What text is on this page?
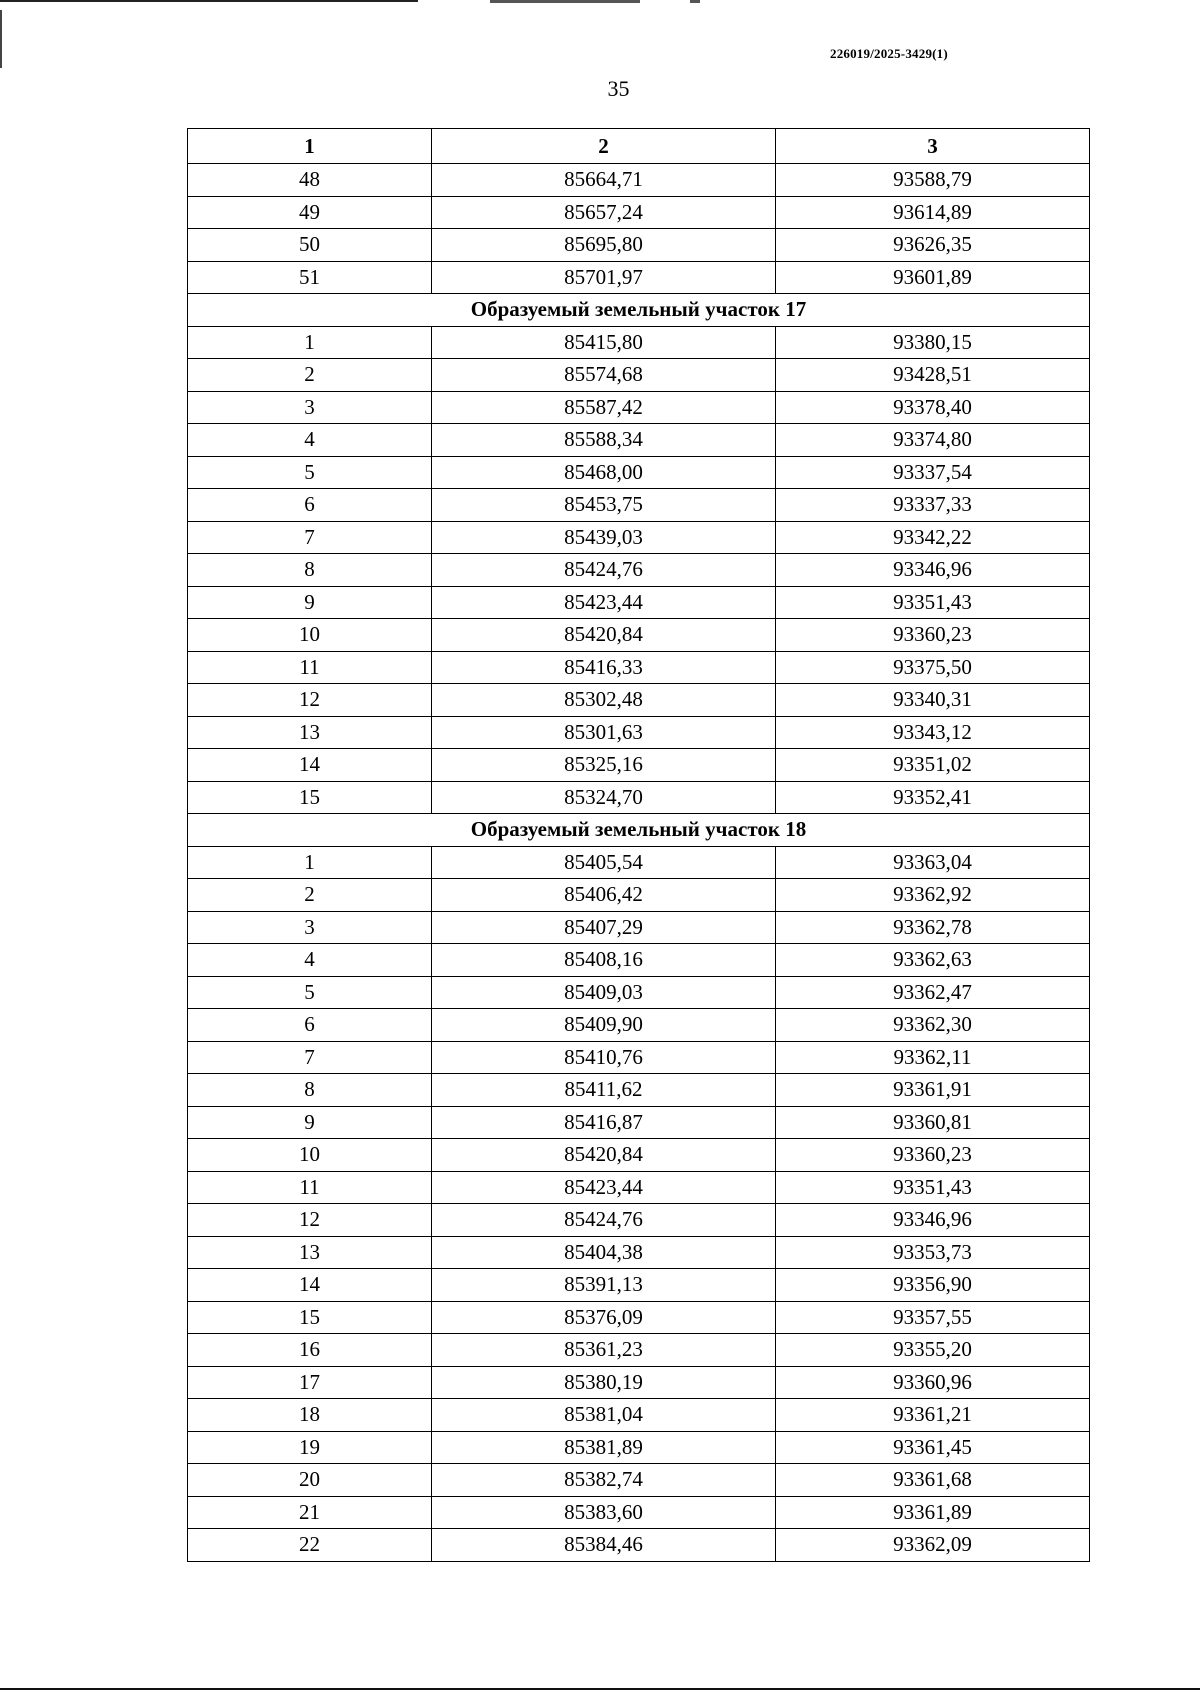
226019/2025-3429(1)
35
1	2	3
48	85664,71	93588,79
49	85657,24	93614,89
50	85695,80	93626,35
51	85701,97	93601,89
Образуемый земельный участок 17		
1	85415,80	93380,15
2	85574,68	93428,51
3	85587,42	93378,40
4	85588,34	93374,80
5	85468,00	93337,54
6	85453,75	93337,33
7	85439,03	93342,22
8	85424,76	93346,96
9	85423,44	93351,43
10	85420,84	93360,23
11	85416,33	93375,50
12	85302,48	93340,31
13	85301,63	93343,12
14	85325,16	93351,02
15	85324,70	93352,41
Образуемый земельный участок 18		
1	85405,54	93363,04
2	85406,42	93362,92
3	85407,29	93362,78
4	85408,16	93362,63
5	85409,03	93362,47
6	85409,90	93362,30
7	85410,76	93362,11
8	85411,62	93361,91
9	85416,87	93360,81
10	85420,84	93360,23
11	85423,44	93351,43
12	85424,76	93346,96
13	85404,38	93353,73
14	85391,13	93356,90
15	85376,09	93357,55
16	85361,23	93355,20
17	85380,19	93360,96
18	85381,04	93361,21
19	85381,89	93361,45
20	85382,74	93361,68
21	85383,60	93361,89
22	85384,46	93362,09
